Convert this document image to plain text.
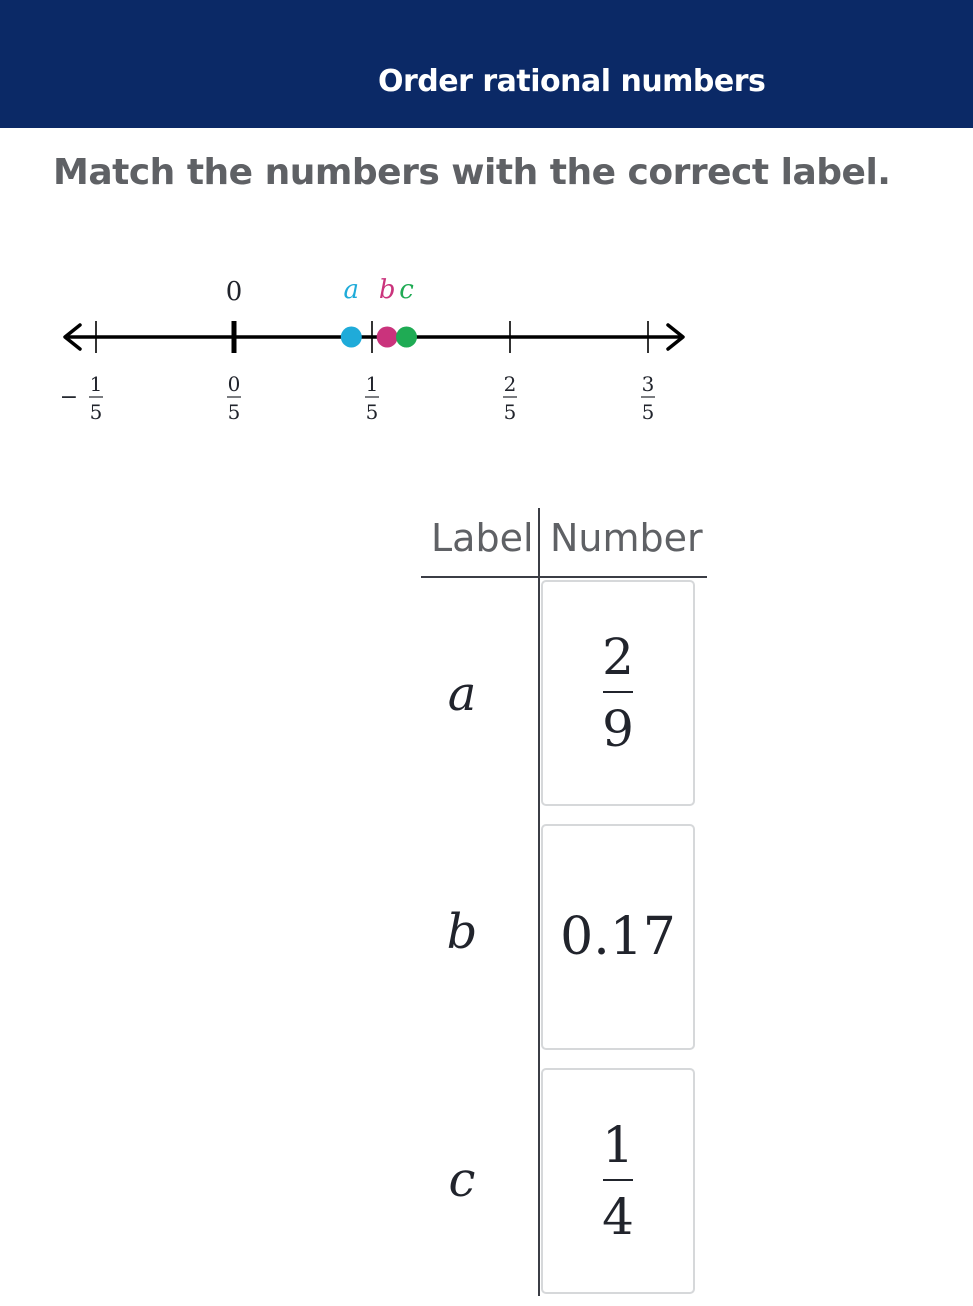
Order rational numbers
Match the numbers with the correct label.
1
5
−
0
5
1
5
2
5
3
5
0	a b c
Label Number
a
b
c
$\frac{2}{9}$
0.17
$\frac{1}{4}$
